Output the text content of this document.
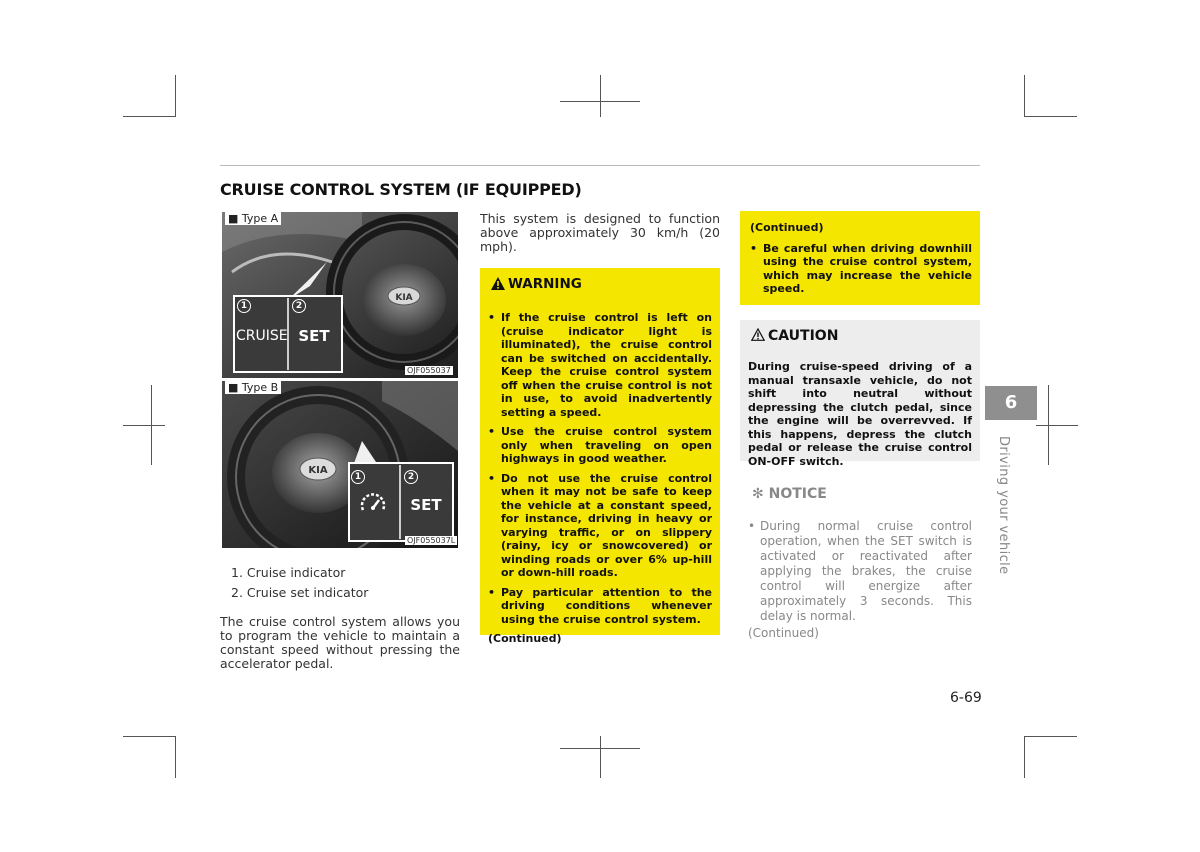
CRUISE CONTROL SYSTEM (IF EQUIPPED)
KIA
1	2
CRUISE SET
■ Type A
OJF055037
KIA
1	2
SET
■ Type B
OJF055037L
1. Cruise indicator
2. Cruise set indicator
The cruise control system allows you to program the vehicle to maintain a constant speed without pressing the accelerator pedal.
This system is designed to function above approximately 30 km/h (20 mph).
WARNING
• If the cruise control is left on (cruise indicator light is illuminated), the cruise control can be switched on accidentally. Keep the cruise control system off when the cruise control is not in use, to avoid inadvertently setting a speed.
• Use the cruise control system only when traveling on open highways in good weather.
• Do not use the cruise control when it may not be safe to keep the vehicle at a constant speed, for instance, driving in heavy or varying traffic, or on slippery (rainy, icy or snowcovered) or winding roads or over 6% up-hill or down-hill roads.
• Pay particular attention to the driving conditions whenever using the cruise control system.
(Continued)
(Continued)
• Be careful when driving downhill using the cruise control system, which may increase the vehicle speed.
CAUTION
During cruise-speed driving of a manual transaxle vehicle, do not shift into neutral without depressing the clutch pedal, since the engine will be overrevved. If this happens, depress the clutch pedal or release the cruise control ON-OFF switch.
✻ NOTICE
• During normal cruise control operation, when the SET switch is activated or reactivated after applying the brakes, the cruise control will energize after approximately 3 seconds. This delay is normal.
(Continued)
6
Driving your vehicle
6-69
